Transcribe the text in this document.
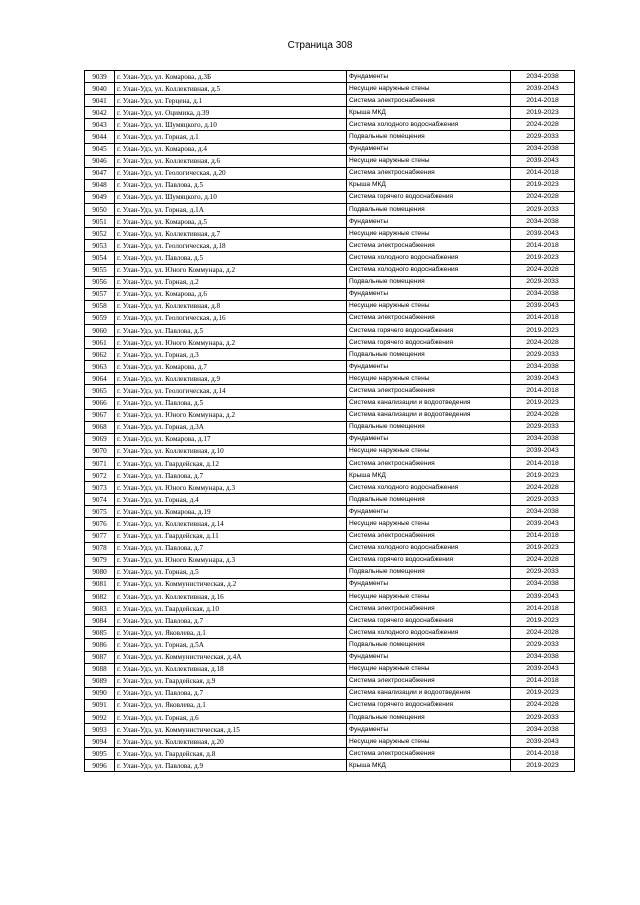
Страница 308
9039	г. Улан-Удэ, ул. Комарова, д.3Б	Фундаменты	2034-2038
9040	г. Улан-Удэ, ул. Коллективная, д.5	Несущие наружные стены	2039-2043
9041	г. Улан-Удэ, ул. Герцена, д.1	Система электроснабжения	2014-2018
9042	г. Улан-Удэ, ул. Оцимика, д.39	Крыша МКД	2019-2023
9043	г. Улан-Удэ, ул. Шумяцкого, д.10	Система холодного водоснабжения	2024-2028
9044	г. Улан-Удэ, ул. Горная, д.1	Подвальные помещения	2029-2033
9045	г. Улан-Удэ, ул. Комарова, д.4	Фундаменты	2034-2038
9046	г. Улан-Удэ, ул. Коллективная, д.6	Несущие наружные стены	2039-2043
9047	г. Улан-Удэ, ул. Геологическая, д.20	Система электроснабжения	2014-2018
9048	г. Улан-Удэ, ул. Павлова, д.5	Крыша МКД	2019-2023
9049	г. Улан-Удэ, ул. Шумяцкого, д.10	Система горячего водоснабжения	2024-2028
9050	г. Улан-Удэ, ул. Горная, д.1А	Подвальные помещения	2029-2033
9051	г. Улан-Удэ, ул. Комарова, д.5	Фундаменты	2034-2038
9052	г. Улан-Удэ, ул. Коллективная, д.7	Несущие наружные стены	2039-2043
9053	г. Улан-Удэ, ул. Геологическая, д.18	Система электроснабжения	2014-2018
9054	г. Улан-Удэ, ул. Павлова, д.5	Система холодного водоснабжения	2019-2023
9055	г. Улан-Удэ, ул. Юного Коммунара, д.2	Система холодного водоснабжения	2024-2028
9056	г. Улан-Удэ, ул. Горная, д.2	Подвальные помещения	2029-2033
9057	г. Улан-Удэ, ул. Комарова, д.6	Фундаменты	2034-2038
9058	г. Улан-Удэ, ул. Коллективная, д.8	Несущие наружные стены	2039-2043
9059	г. Улан-Удэ, ул. Геологическая, д.16	Система электроснабжения	2014-2018
9060	г. Улан-Удэ, ул. Павлова, д.5	Система горячего водоснабжения	2019-2023
9061	г. Улан-Удэ, ул. Юного Коммунара, д.2	Система горячего водоснабжения	2024-2028
9062	г. Улан-Удэ, ул. Горная, д.3	Подвальные помещения	2029-2033
9063	г. Улан-Удэ, ул. Комарова, д.7	Фундаменты	2034-2038
9064	г. Улан-Удэ, ул. Коллективная, д.9	Несущие наружные стены	2039-2043
9065	г. Улан-Удэ, ул. Геологическая, д.14	Система электроснабжения	2014-2018
9066	г. Улан-Удэ, ул. Павлова, д.5	Система канализации и водоотведения	2019-2023
9067	г. Улан-Удэ, ул. Юного Коммунара, д.2	Система канализации и водоотведения	2024-2028
9068	г. Улан-Удэ, ул. Горная, д.3А	Подвальные помещения	2029-2033
9069	г. Улан-Удэ, ул. Комарова, д.17	Фундаменты	2034-2038
9070	г. Улан-Удэ, ул. Коллективная, д.10	Несущие наружные стены	2039-2043
9071	г. Улан-Удэ, ул. Гвардейская, д.12	Система электроснабжения	2014-2018
9072	г. Улан-Удэ, ул. Павлова, д.7	Крыша МКД	2019-2023
9073	г. Улан-Удэ, ул. Юного Коммунара, д.3	Система холодного водоснабжения	2024-2028
9074	г. Улан-Удэ, ул. Горная, д.4	Подвальные помещения	2029-2033
9075	г. Улан-Удэ, ул. Комарова, д.19	Фундаменты	2034-2038
9076	г. Улан-Удэ, ул. Коллективная, д.14	Несущие наружные стены	2039-2043
9077	г. Улан-Удэ, ул. Гвардейская, д.11	Система электроснабжения	2014-2018
9078	г. Улан-Удэ, ул. Павлова, д.7	Система холодного водоснабжения	2019-2023
9079	г. Улан-Удэ, ул. Юного Коммунара, д.3	Система горячего водоснабжения	2024-2028
9080	г. Улан-Удэ, ул. Горная, д.5	Подвальные помещения	2029-2033
9081	г. Улан-Удэ, ул. Коммунистическая, д.2	Фундаменты	2034-2038
9082	г. Улан-Удэ, ул. Коллективная, д.16	Несущие наружные стены	2039-2043
9083	г. Улан-Удэ, ул. Гвардейская, д.10	Система электроснабжения	2014-2018
9084	г. Улан-Удэ, ул. Павлова, д.7	Система горячего водоснабжения	2019-2023
9085	г. Улан-Удэ, ул. Яковлева, д.1	Система холодного водоснабжения	2024-2028
9086	г. Улан-Удэ, ул. Горная, д.5А	Подвальные помещения	2029-2033
9087	г. Улан-Удэ, ул. Коммунистическая, д.4А	Фундаменты	2034-2038
9088	г. Улан-Удэ, ул. Коллективная, д.18	Несущие наружные стены	2039-2043
9089	г. Улан-Удэ, ул. Гвардейская, д.9	Система электроснабжения	2014-2018
9090	г. Улан-Удэ, ул. Павлова, д.7	Система канализации и водоотведения	2019-2023
9091	г. Улан-Удэ, ул. Яковлева, д.1	Система горячего водоснабжения	2024-2028
9092	г. Улан-Удэ, ул. Горная, д.6	Подвальные помещения	2029-2033
9093	г. Улан-Удэ, ул. Коммунистическая, д.15	Фундаменты	2034-2038
9094	г. Улан-Удэ, ул. Коллективная, д.20	Несущие наружные стены	2039-2043
9095	г. Улан-Удэ, ул. Гвардейская, д.8	Система электроснабжения	2014-2018
9096	г. Улан-Удэ, ул. Павлова, д.9	Крыша МКД	2019-2023
